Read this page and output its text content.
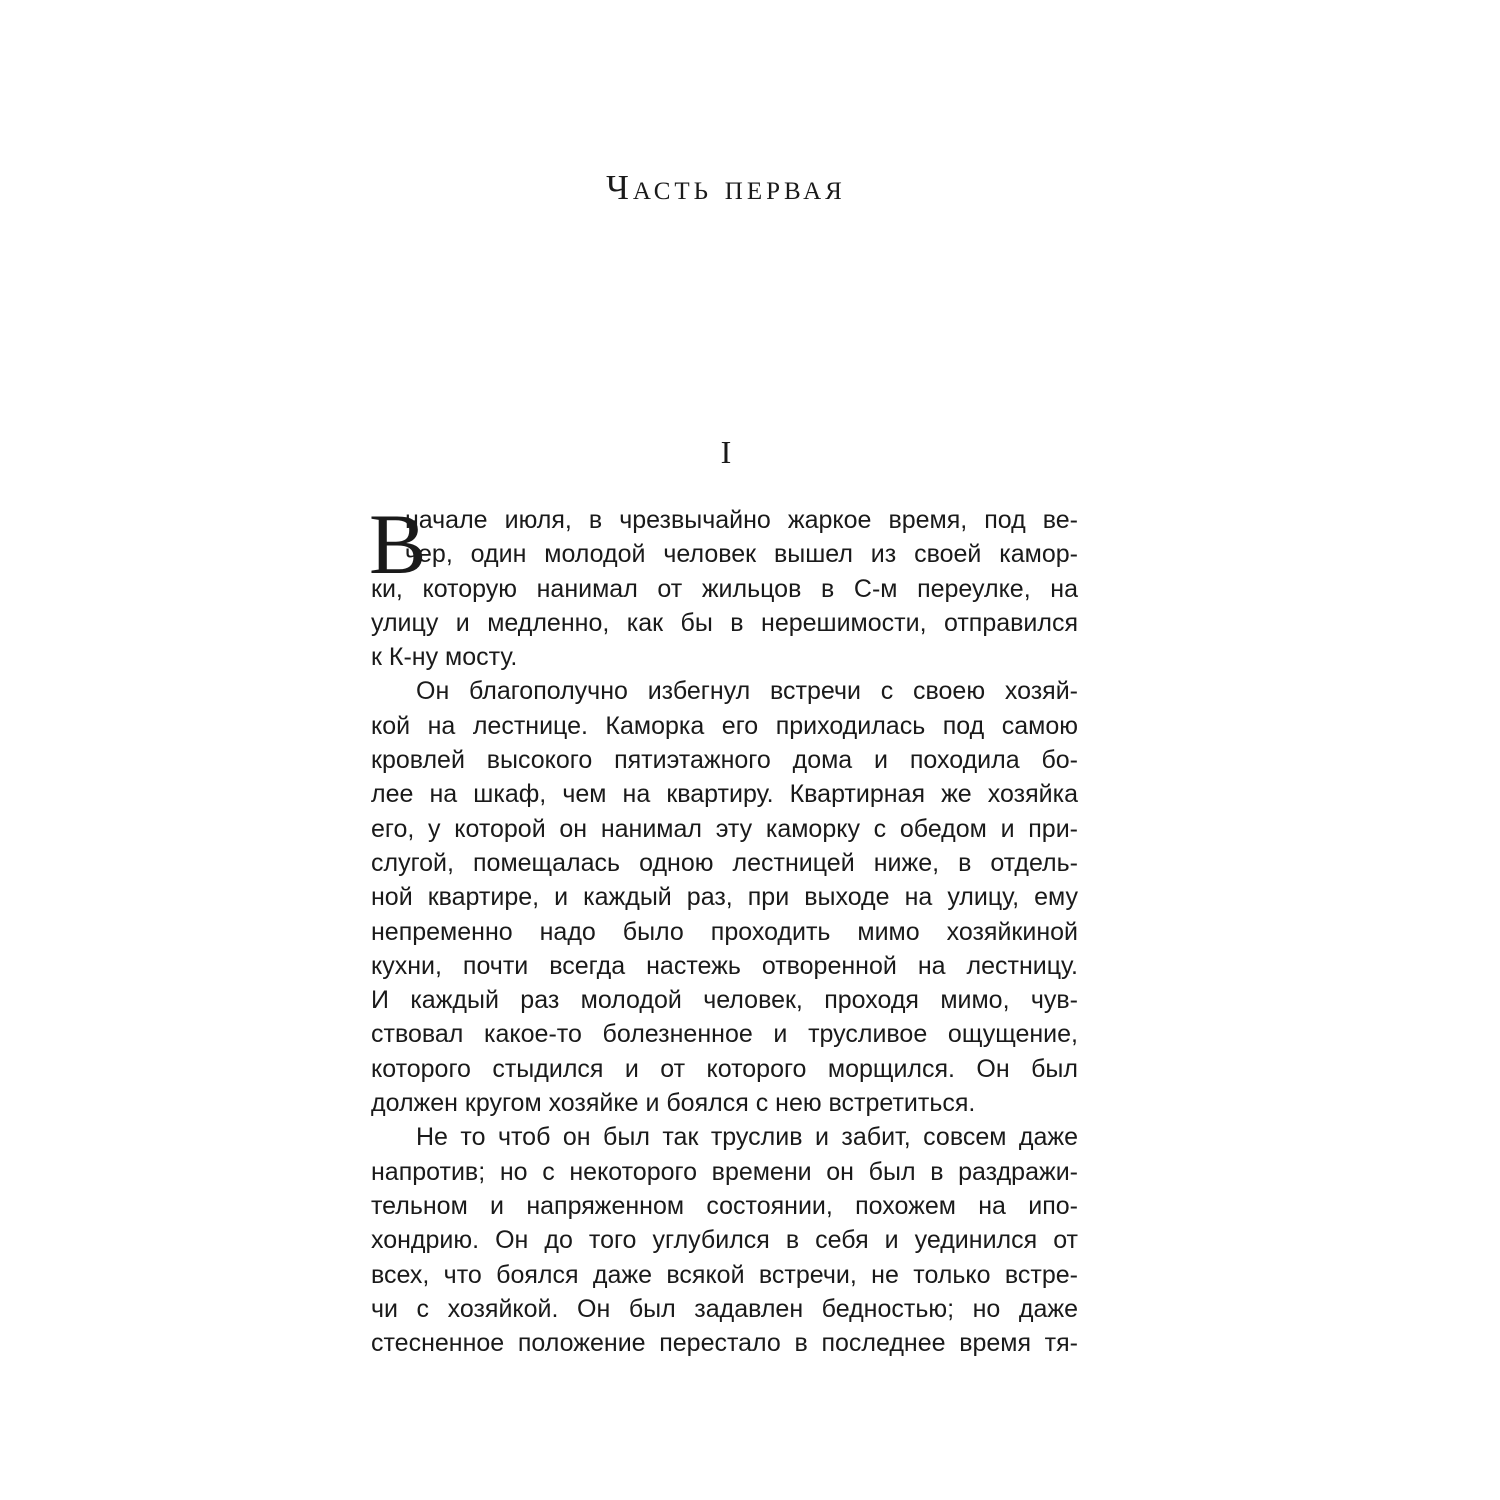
Часть первая
I
В
начале июля, в чрезвычайно жаркое время, под ве-
чер, один молодой человек вышел из своей камор-
ки, которую нанимал от жильцов в С-м переулке, на
улицу и медленно, как бы в нерешимости, отправился
к К-ну мосту.
Он благополучно избегнул встречи с своею хозяй-
кой на лестнице. Каморка его приходилась под самою
кровлей высокого пятиэтажного дома и походила бо-
лее на шкаф, чем на квартиру. Квартирная же хозяйка
его, у которой он нанимал эту каморку с обедом и при-
слугой, помещалась одною лестницей ниже, в отдель-
ной квартире, и каждый раз, при выходе на улицу, ему
непременно надо было проходить мимо хозяйкиной
кухни, почти всегда настежь отворенной на лестницу.
И каждый раз молодой человек, проходя мимо, чув-
ствовал какое-то болезненное и трусливое ощущение,
которого стыдился и от которого морщился. Он был
должен кругом хозяйке и боялся с нею встретиться.
Не то чтоб он был так труслив и забит, совсем даже
напротив; но с некоторого времени он был в раздражи-
тельном и напряженном состоянии, похожем на ипо-
хондрию. Он до того углубился в себя и уединился от
всех, что боялся даже всякой встречи, не только встре-
чи с хозяйкой. Он был задавлен бедностью; но даже
стесненное положение перестало в последнее время тя-
